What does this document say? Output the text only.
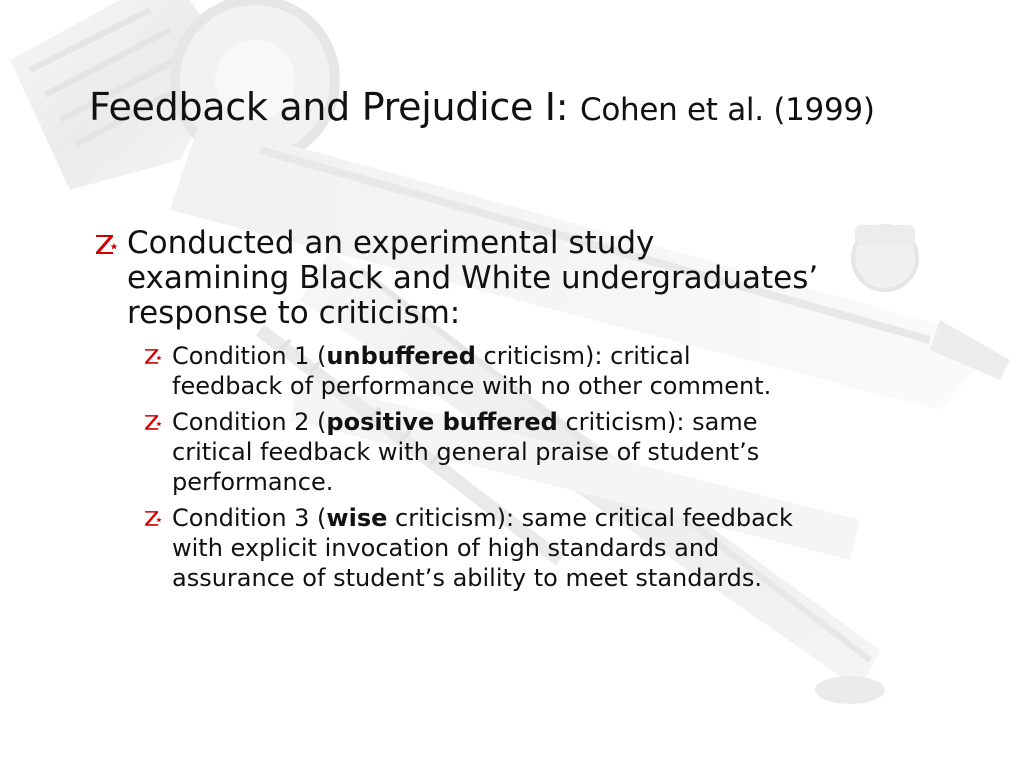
Feedback and Prejudice I: Cohen et al. (1999)
Conducted an experimental study examining Black and White undergraduates’ response to criticism:
Condition 1 (unbuffered criticism): critical feedback of performance with no other comment.
Condition 2 (positive buffered criticism): same critical feedback with general praise of student’s performance.
Condition 3 (wise criticism): same critical feedback with explicit invocation of high standards and assurance of student’s ability to meet standards.
